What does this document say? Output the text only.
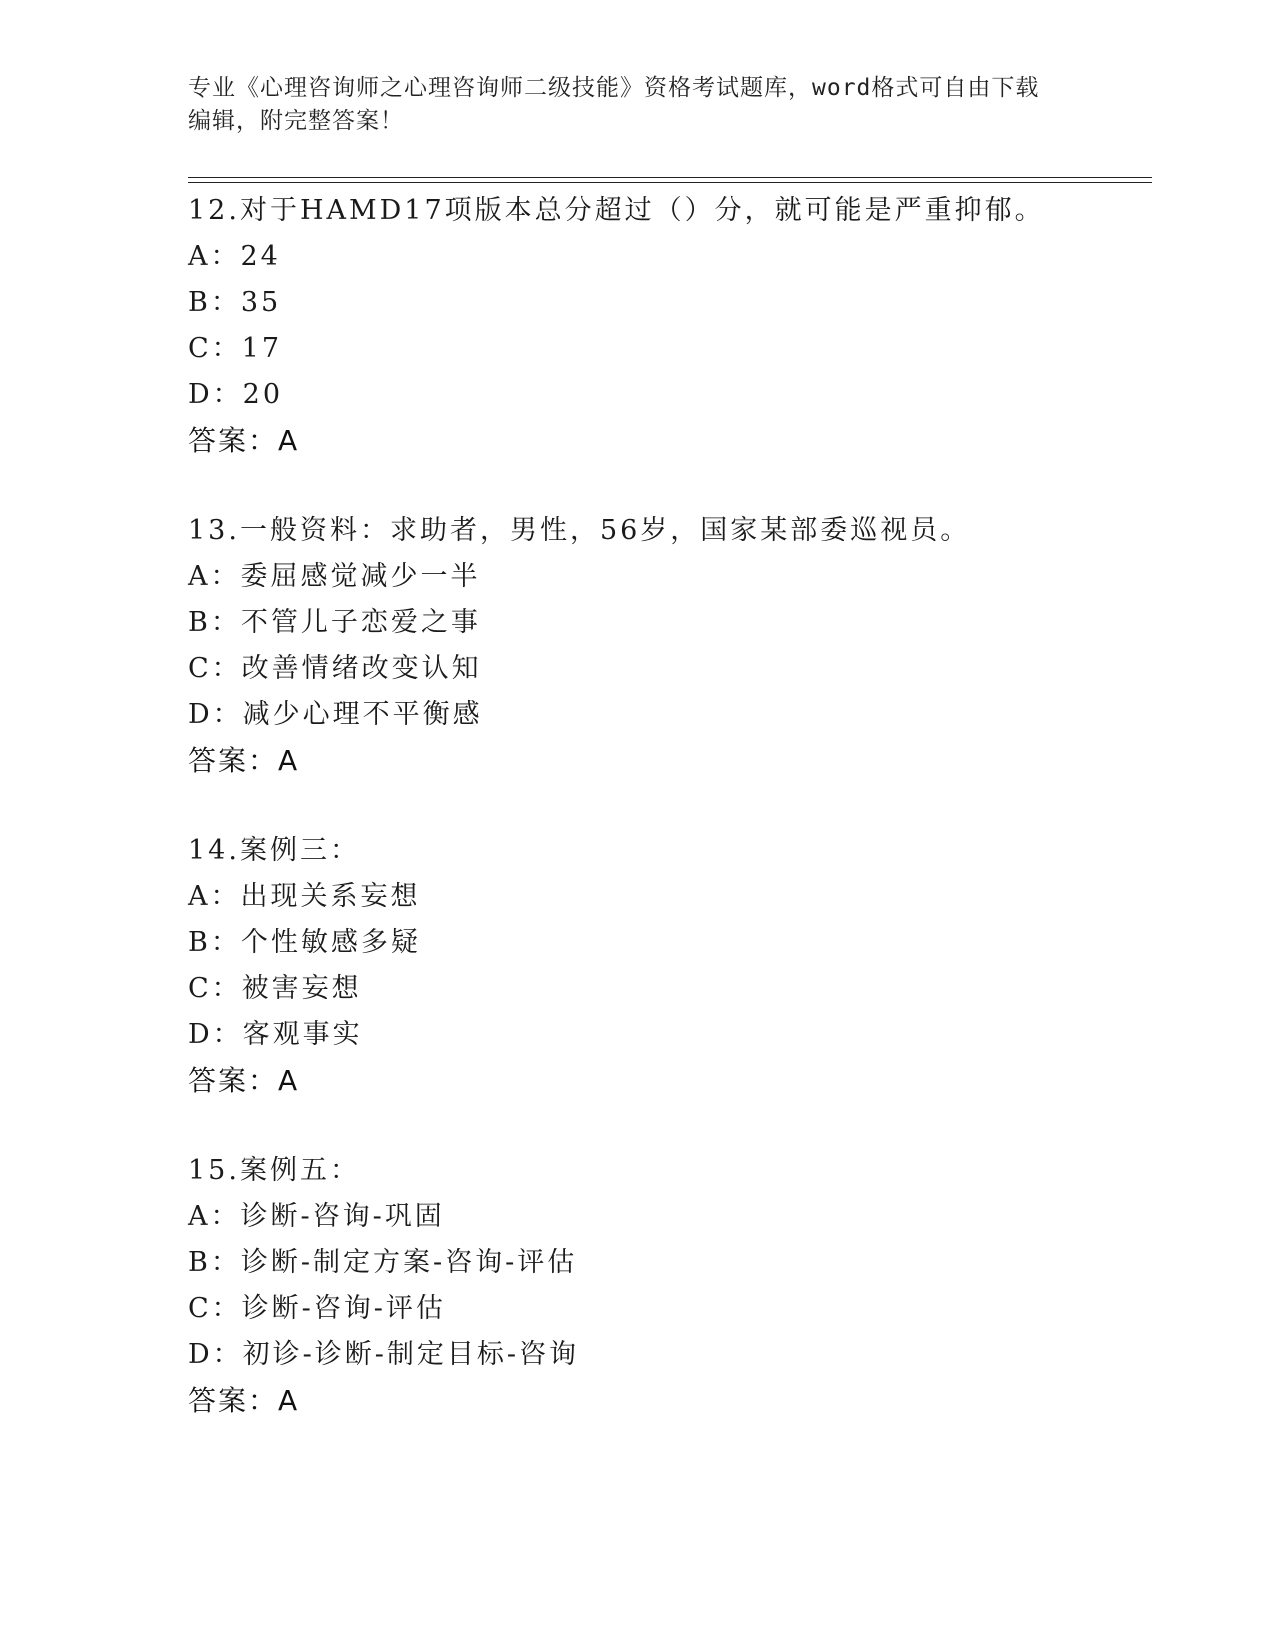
专业《心理咨询师之心理咨询师二级技能》资格考试题库，word格式可自由下载
编辑，附完整答案！
12.对于HAMD17项版本总分超过（）分，就可能是严重抑郁。
A：24
B：35
C：17
D：20
答案：A
13.一般资料：求助者，男性，56岁，国家某部委巡视员。
A：委屈感觉减少一半
B：不管儿子恋爱之事
C：改善情绪改变认知
D：减少心理不平衡感
答案：A
14.案例三：
A：出现关系妄想
B：个性敏感多疑
C：被害妄想
D：客观事实
答案：A
15.案例五：
A：诊断-咨询-巩固
B：诊断-制定方案-咨询-评估
C：诊断-咨询-评估
D：初诊-诊断-制定目标-咨询
答案：A
